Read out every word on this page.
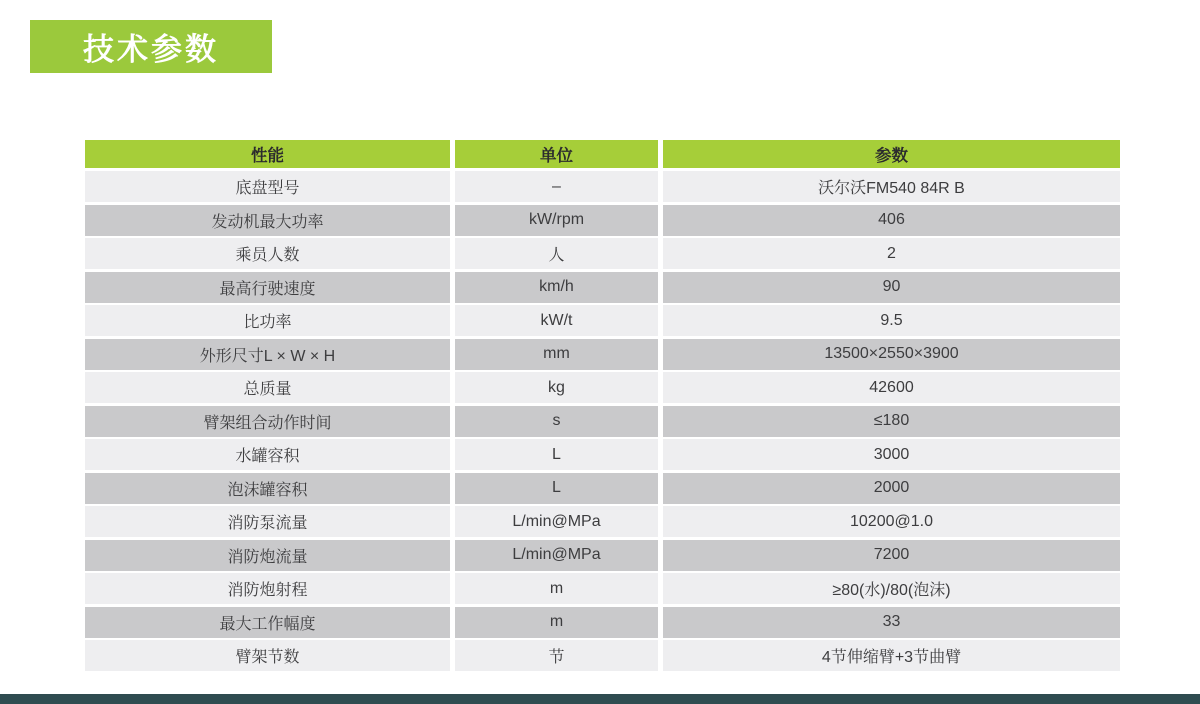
技术参数
性能	单位	参数
底盘型号	–	沃尔沃FM540 84R B
发动机最大功率	kW/rpm	406
乘员人数	人	2
最高行驶速度	km/h	90
比功率	kW/t	9.5
外形尺寸L × W × H	mm	13500×2550×3900
总质量	kg	42600
臂架组合动作时间	s	≤180
水罐容积	L	3000
泡沫罐容积	L	2000
消防泵流量	L/min@MPa	10200@1.0
消防炮流量	L/min@MPa	7200
消防炮射程	m	≥80(水)/80(泡沫)
最大工作幅度	m	33
臂架节数	节	4节伸缩臂+3节曲臂
